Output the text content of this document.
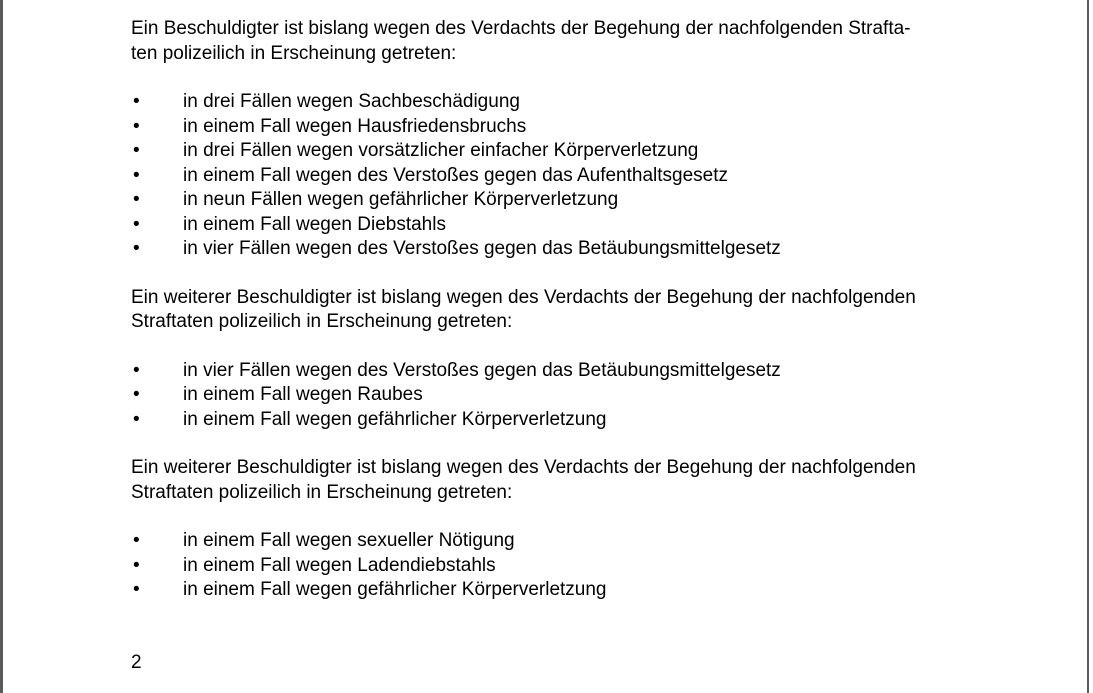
Ein Beschuldigter ist bislang wegen des Verdachts der Begehung der nachfolgenden Strafta-
ten polizeilich in Erscheinung getreten:

• in drei Fällen wegen Sachbeschädigung
• in einem Fall wegen Hausfriedensbruchs
• in drei Fällen wegen vorsätzlicher einfacher Körperverletzung
• in einem Fall wegen des Verstoßes gegen das Aufenthaltsgesetz
• in neun Fällen wegen gefährlicher Körperverletzung
• in einem Fall wegen Diebstahls
• in vier Fällen wegen des Verstoßes gegen das Betäubungsmittelgesetz

Ein weiterer Beschuldigter ist bislang wegen des Verdachts der Begehung der nachfolgenden
Straftaten polizeilich in Erscheinung getreten:

• in vier Fällen wegen des Verstoßes gegen das Betäubungsmittelgesetz
• in einem Fall wegen Raubes
• in einem Fall wegen gefährlicher Körperverletzung

Ein weiterer Beschuldigter ist bislang wegen des Verdachts der Begehung der nachfolgenden
Straftaten polizeilich in Erscheinung getreten:

• in einem Fall wegen sexueller Nötigung
• in einem Fall wegen Ladendiebstahls
• in einem Fall wegen gefährlicher Körperverletzung
2
